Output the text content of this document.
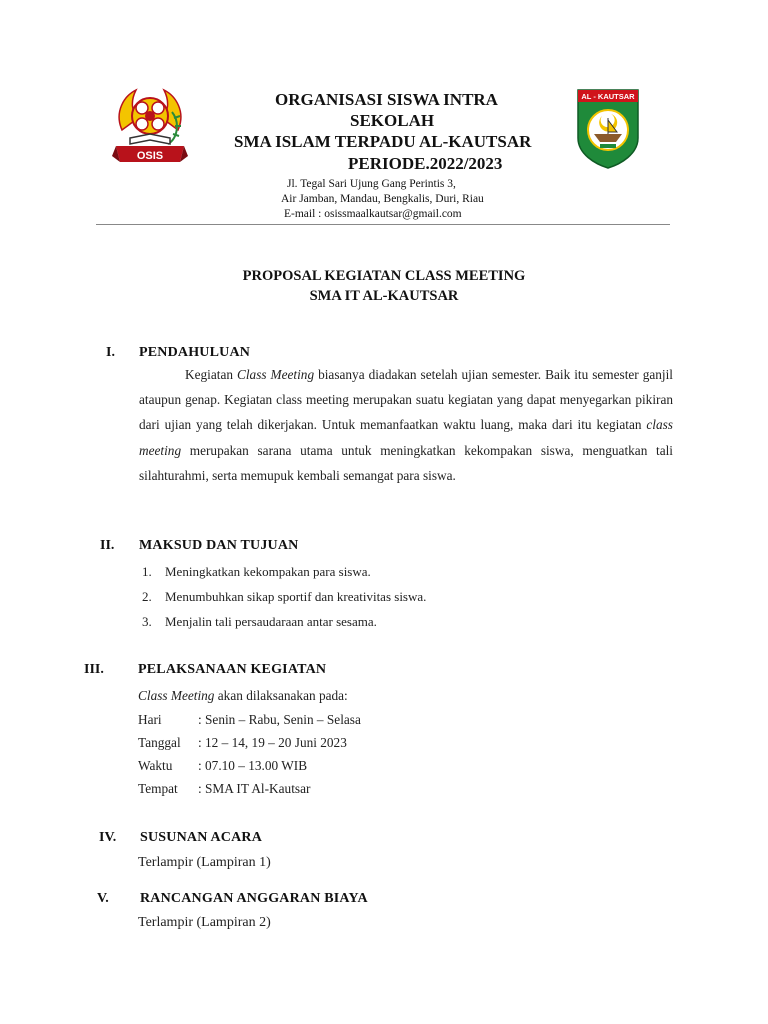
OSIS
AL - KAUTSAR
ORGANISASI SISWA INTRA
SEKOLAH
SMA ISLAM TERPADU AL-KAUTSAR
PERIODE.2022/2023
Jl. Tegal Sari Ujung Gang Perintis 3,
Air Jamban, Mandau, Bengkalis, Duri, Riau
E-mail : osissmaalkautsar@gmail.com
PROPOSAL KEGIATAN CLASS MEETING
SMA IT AL-KAUTSAR
I. PENDAHULUAN
Kegiatan Class Meeting biasanya diadakan setelah ujian semester. Baik itu semester ganjil ataupun genap. Kegiatan class meeting merupakan suatu kegiatan yang dapat menyegarkan pikiran dari ujian yang telah dikerjakan. Untuk memanfaatkan waktu luang, maka dari itu kegiatan class meeting merupakan sarana utama untuk meningkatkan kekompakan siswa, menguatkan tali silahturahmi, serta memupuk kembali semangat para siswa.
II. MAKSUD DAN TUJUAN
1. Meningkatkan kekompakan para siswa.
2. Menumbuhkan sikap sportif dan kreativitas siswa.
3. Menjalin tali persaudaraan antar sesama.
III. PELAKSANAAN KEGIATAN
Class Meeting akan dilaksanakan pada:
Hari	: Senin – Rabu, Senin – Selasa
Tanggal : 12 – 14, 19 – 20 Juni 2023
Waktu : 07.10 – 13.00 WIB
Tempat : SMA IT Al-Kautsar
IV. SUSUNAN ACARA
Terlampir (Lampiran 1)
V. RANCANGAN ANGGARAN BIAYA
Terlampir (Lampiran 2)
